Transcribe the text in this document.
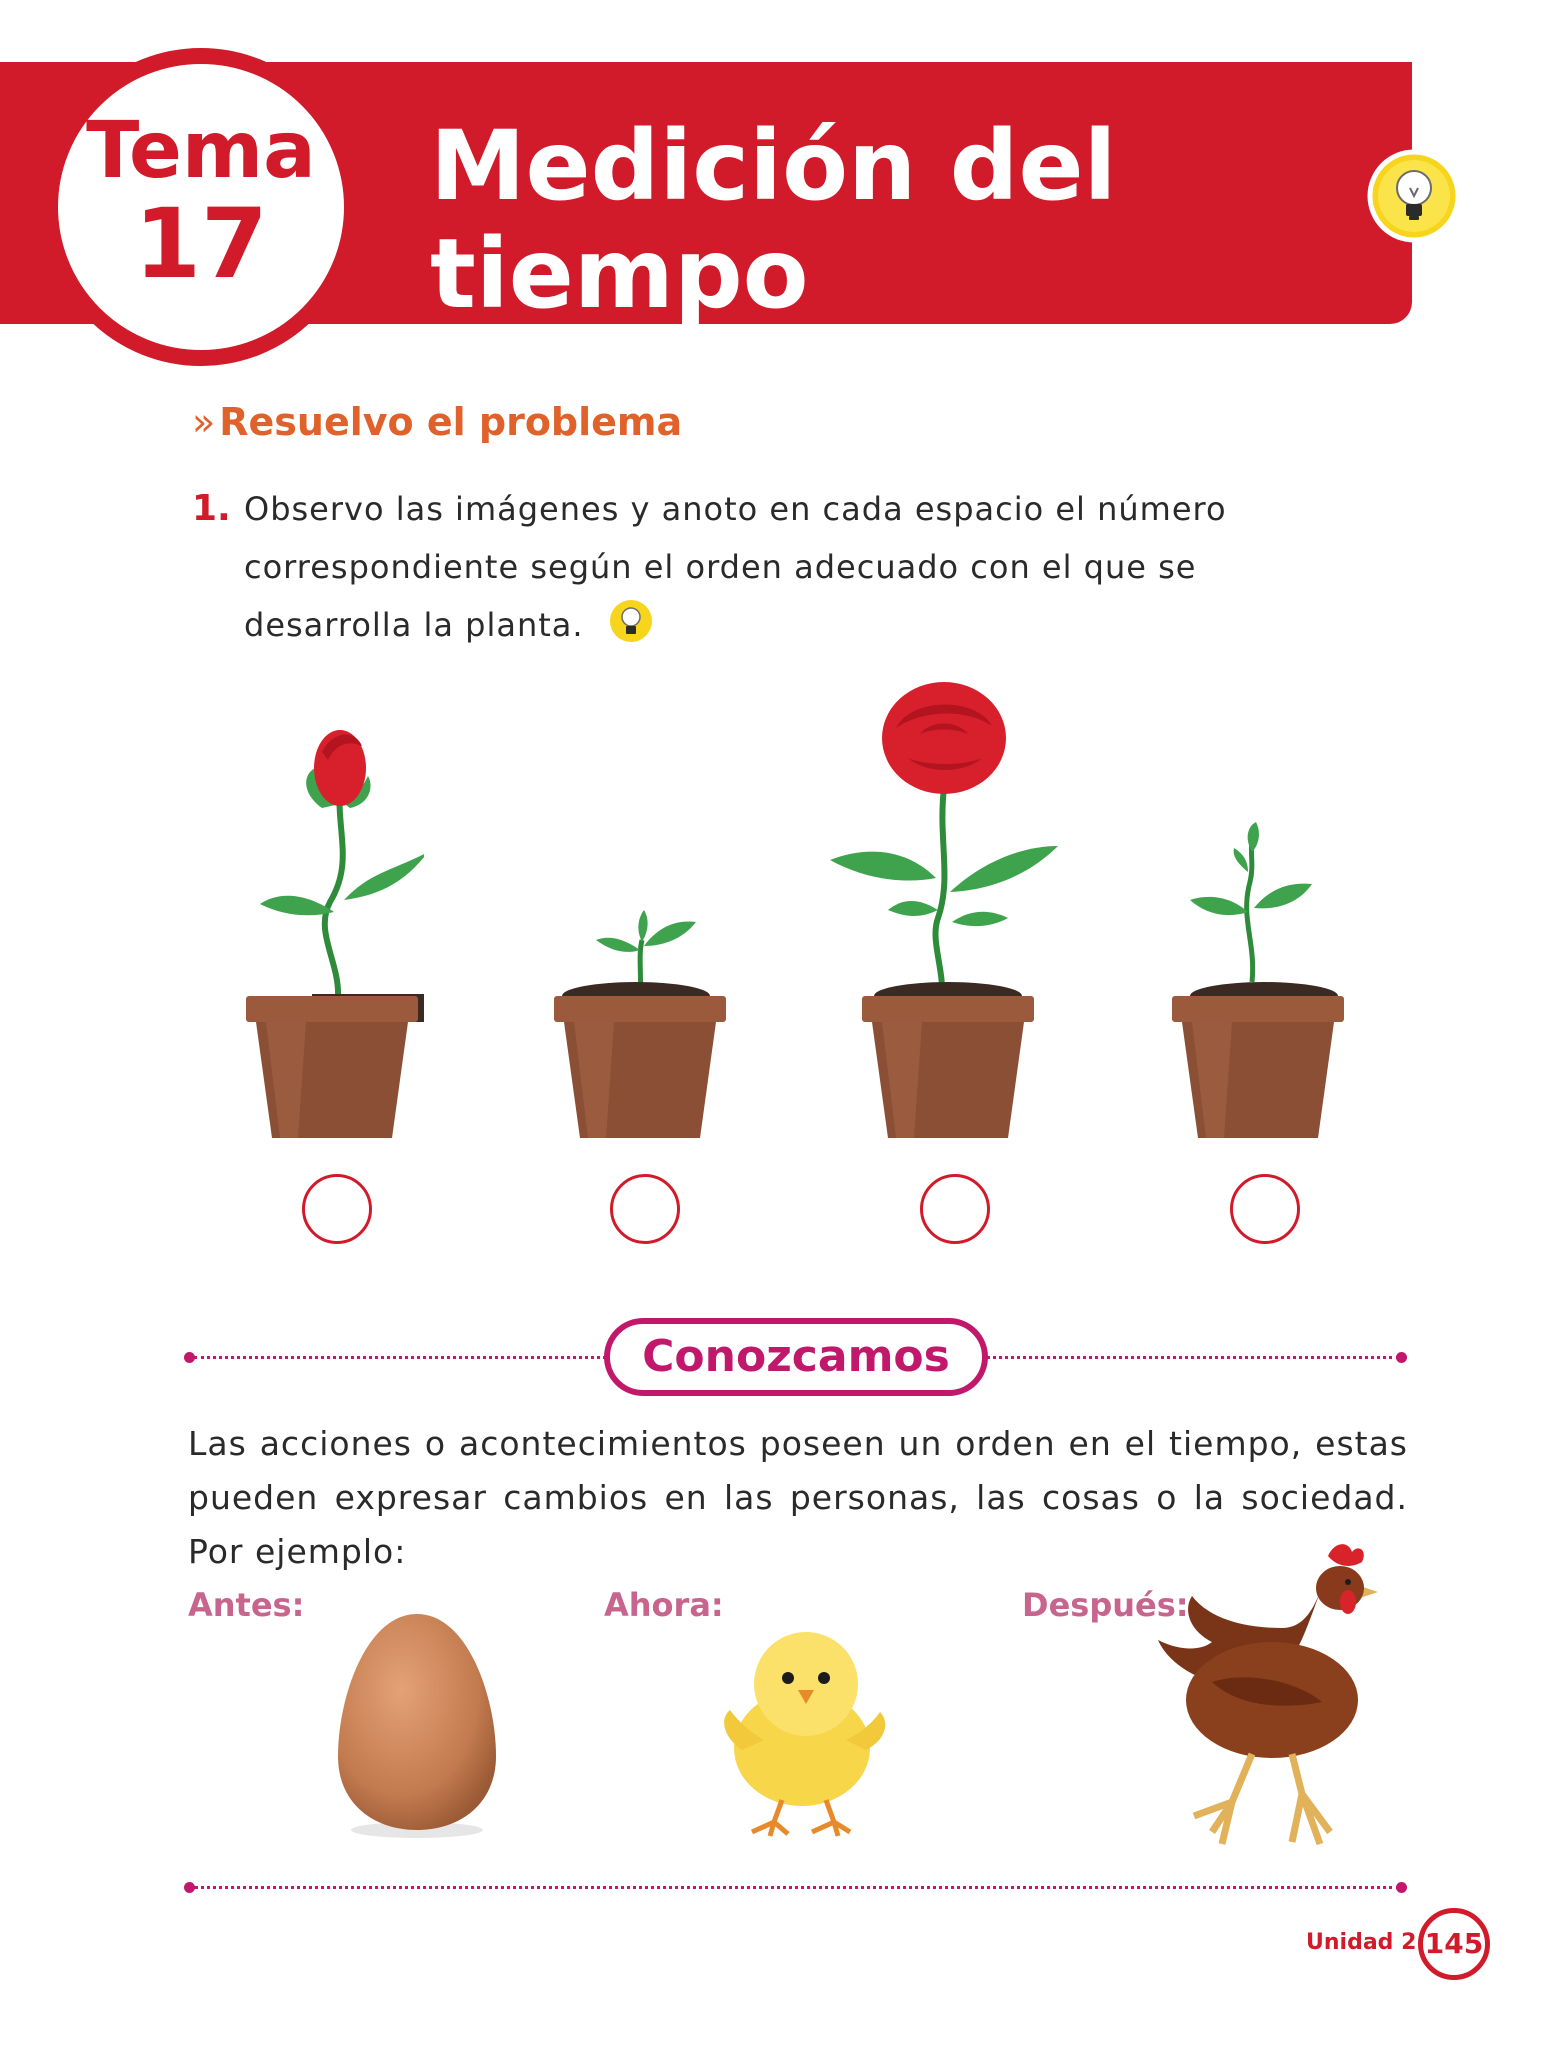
Tema
17
Medición del
tiempo
» Resuelvo el problema
1. Observo las imágenes y anoto en cada espacio el número
correspondiente según el orden adecuado con el que se
desarrolla la planta.
Conozcamos
Las acciones o acontecimientos poseen un orden en el tiempo, estas
pueden expresar cambios en las personas, las cosas o la sociedad.
Por ejemplo:
Antes:	Ahora:	Después:
Unidad 2 145
